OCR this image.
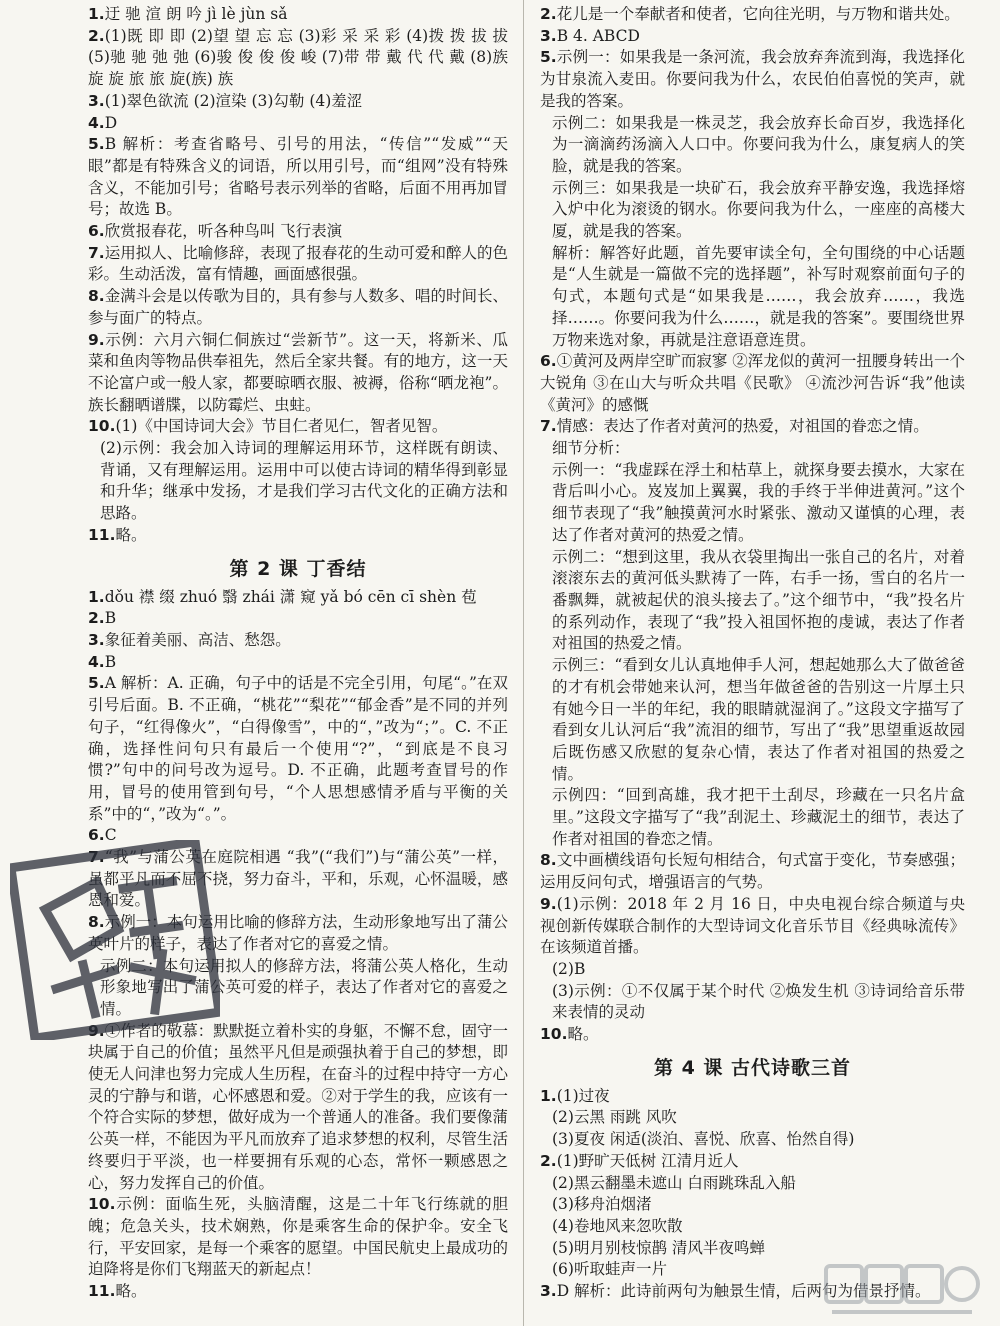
1.迂 驰 渲 朗 吟 jì lè jùn sǎ

2.(1)既 即 即 (2)望 望 忘 忘 (3)彩 采 采 彩 (4)拨 拨 拔 拔 (5)驰 驰 弛 弛 (6)骏 俊 俊 俊 峻 (7)带 带 戴 代 代 戴 (8)族 旋 旋 旅 旅 旋(族) 族

3.(1)翠色欲流 (2)渲染 (3)勾勒 (4)羞涩

4.D

5.B 解析：考查省略号、引号的用法，“传信”“发威”“天眼”都是有特殊含义的词语，所以用引号，而“组网”没有特殊含义，不能加引号；省略号表示列举的省略，后面不用再加冒号；故选 B。

6.欣赏报春花，听各种鸟叫 飞行表演

7.运用拟人、比喻修辞，表现了报春花的生动可爱和醉人的色彩。生动活泼，富有情趣，画面感很强。

8.金满斗会是以传歌为目的，具有参与人数多、唱的时间长、参与面广的特点。

9.示例：六月六铜仁侗族过“尝新节”。这一天，将新米、瓜菜和鱼肉等物品供奉祖先，然后全家共餐。有的地方，这一天不论富户或一般人家，都要晾晒衣服、被褥，俗称“晒龙袍”。族长翻晒谱牒，以防霉烂、虫蛀。

10.(1)《中国诗词大会》节目仁者见仁，智者见智。

(2)示例：我会加入诗词的理解运用环节，这样既有朗读、背诵，又有理解运用。运用中可以使古诗词的精华得到彰显和升华；继承中发扬，才是我们学习古代文化的正确方法和思路。

11.略。

第 2 课 丁香结

1.dǒu 襟 缀 zhuó 翳 zhái 潇 窥 yǎ bó cēn cī shèn 苞

2.B

3.象征着美丽、高洁、愁怨。

4.B

5.A 解析：A. 正确，句子中的话是不完全引用，句尾“。”在双引号后面。B. 不正确，“桃花”“梨花”“郁金香”是不同的并列句子，“红得像火”，“白得像雪”，中的“，”改为“；”。C. 不正确，选择性问句只有最后一个使用“?”，“到底是不良习惯?”句中的问号改为逗号。D. 不正确，此题考查冒号的作用，冒号的使用管到句号，“个人思想感情矛盾与平衡的关系”中的“，”改为“。”。

6.C

7.“我”与蒲公英在庭院相遇 “我”(“我们”)与“蒲公英”一样，虽都平凡而不屈不挠，努力奋斗，平和，乐观，心怀温暖，感恩和爱。

8.示例一：本句运用比喻的修辞方法，生动形象地写出了蒲公英叶片的样子，表达了作者对它的喜爱之情。

示例二：本句运用拟人的修辞方法，将蒲公英人格化，生动形象地写出了蒲公英可爱的样子，表达了作者对它的喜爱之情。

9.①作者的敬慕：默默挺立着朴实的身躯，不懈不怠，固守一块属于自己的价值；虽然平凡但是顽强执着于自己的梦想，即使无人问津也努力完成人生历程，在奋斗的过程中持守一方心灵的宁静与和谐，心怀感恩和爱。②对于学生的我，应该有一个符合实际的梦想，做好成为一个普通人的准备。我们要像蒲公英一样，不能因为平凡而放弃了追求梦想的权利，尽管生活终要归于平淡，也一样要拥有乐观的心态，常怀一颗感恩之心，努力发挥自己的价值。

10.示例：面临生死，头脑清醒，这是二十年飞行练就的胆魄；危急关头，技术娴熟，你是乘客生命的保护伞。安全飞行，平安回家，是每一个乘客的愿望。中国民航史上最成功的迫降将是你们飞翔蓝天的新起点！

11.略。

2.花儿是一个奉献者和使者，它向往光明，与万物和谐共处。

3.B 4. ABCD

5.示例一：如果我是一条河流，我会放弃奔流到海，我选择化为甘泉流入麦田。你要问我为什么，农民伯伯喜悦的笑声，就是我的答案。

示例二：如果我是一株灵芝，我会放弃长命百岁，我选择化为一滴滴药汤滴入人口中。你要问我为什么，康复病人的笑脸，就是我的答案。

示例三：如果我是一块矿石，我会放弃平静安逸，我选择熔入炉中化为滚烫的钢水。你要问我为什么，一座座的高楼大厦，就是我的答案。

解析：解答好此题，首先要审读全句，全句围绕的中心话题是“人生就是一篇做不完的选择题”，补写时观察前面句子的句式，本题句式是“如果我是……，我会放弃……，我选择……。你要问我为什么……，就是我的答案”。要围绕世界万物来选对象，再就是注意语意连贯。

6.①黄河及两岸空旷而寂寥 ②浑龙似的黄河一扭腰身转出一个大锐角 ③在山大与听众共唱《民歌》 ④流沙河告诉“我”他读《黄河》的感慨

7.情感：表达了作者对黄河的热爱，对祖国的眷恋之情。

细节分析：

示例一：“我虚踩在浮土和枯草上，就探身要去摸水，大家在背后叫小心。岌岌加上翼翼，我的手终于半伸进黄河。”这个细节表现了“我”触摸黄河水时紧张、激动又谨慎的心理，表达了作者对黄河的热爱之情。

示例二：“想到这里，我从衣袋里掏出一张自己的名片，对着滚滚东去的黄河低头默祷了一阵，右手一扬，雪白的名片一番飘舞，就被起伏的浪头接去了。”这个细节中，“我”投名片的系列动作，表现了“我”投入祖国怀抱的虔诚，表达了作者对祖国的热爱之情。

示例三：“看到女儿认真地伸手人河，想起她那么大了做爸爸的才有机会带她来认河，想当年做爸爸的告别这一片厚土只有她今日一半的年纪，我的眼睛就湿润了。”这段文字描写了看到女儿认河后“我”流泪的细节，写出了“我”思望重返故园后既伤感又欣慰的复杂心情，表达了作者对祖国的热爱之情。

示例四：“回到高雄，我才把干土刮尽，珍藏在一只名片盒里。”这段文字描写了“我”刮泥土、珍藏泥土的细节，表达了作者对祖国的眷恋之情。

8.文中画横线语句长短句相结合，句式富于变化，节奏感强；运用反问句式，增强语言的气势。

9.(1)示例：2018 年 2 月 16 日，中央电视台综合频道与央视创新传媒联合制作的大型诗词文化音乐节目《经典咏流传》在该频道首播。

(2)B

(3)示例：①不仅属于某个时代 ②焕发生机 ③诗词给音乐带来表情的灵动

10.略。

第 4 课 古代诗歌三首

1.(1)过夜

(2)云黑 雨跳 风吹

(3)夏夜 闲适(淡泊、喜悦、欣喜、怡然自得)

2.(1)野旷天低树 江清月近人

(2)黑云翻墨未遮山 白雨跳珠乱入船

(3)移舟泊烟渚

(4)卷地风来忽吹散

(5)明月别枝惊鹊 清风半夜鸣蝉

(6)听取蛙声一片

3.D 解析：此诗前两句为触景生情，后两句为借景抒情。
